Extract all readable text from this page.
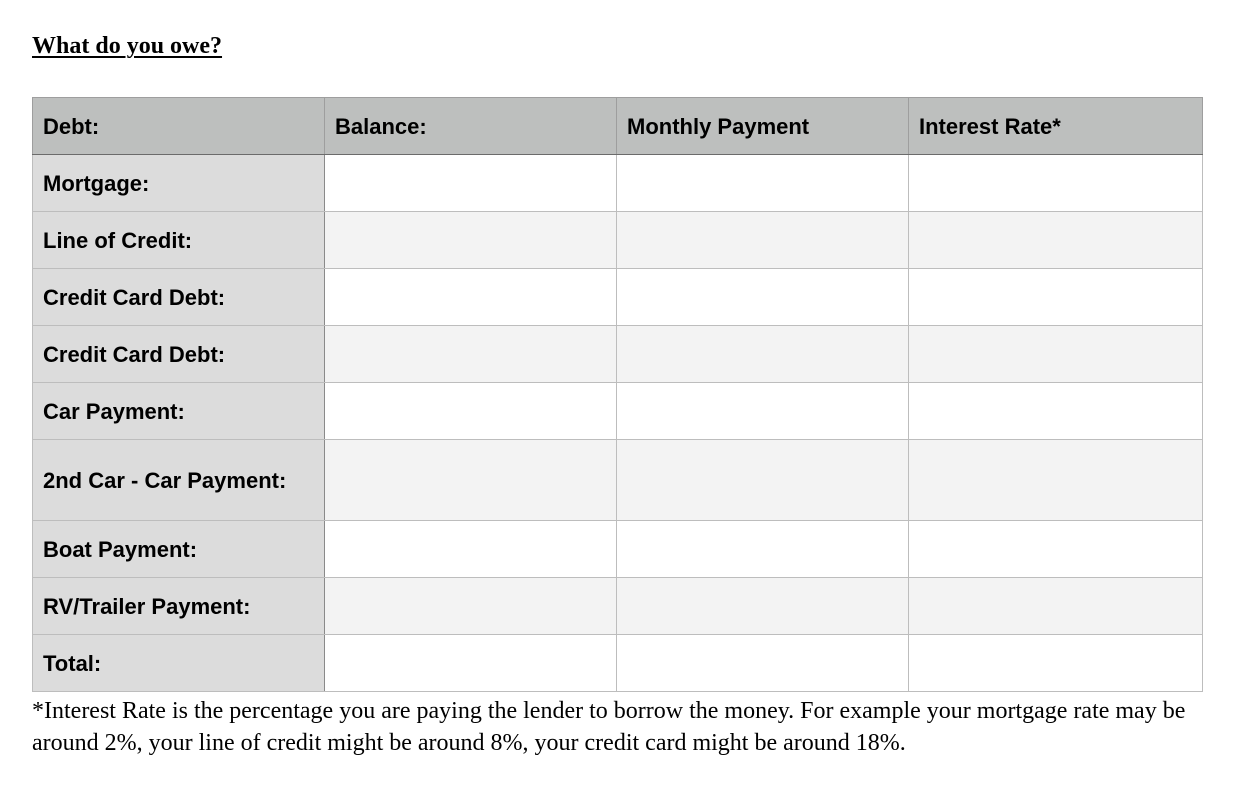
What do you owe?
Debt:	Balance:	Monthly Payment	Interest Rate*
Mortgage:			
Line of Credit:			
Credit Card Debt:			
Credit Card Debt:			
Car Payment:			
2nd Car - Car Payment:			
Boat Payment:			
RV/Trailer Payment:			
Total:			

*Interest Rate is the percentage you are paying the lender to borrow the money. For example your mortgage rate may be around 2%, your line of credit might be around 8%, your credit card might be around 18%.
